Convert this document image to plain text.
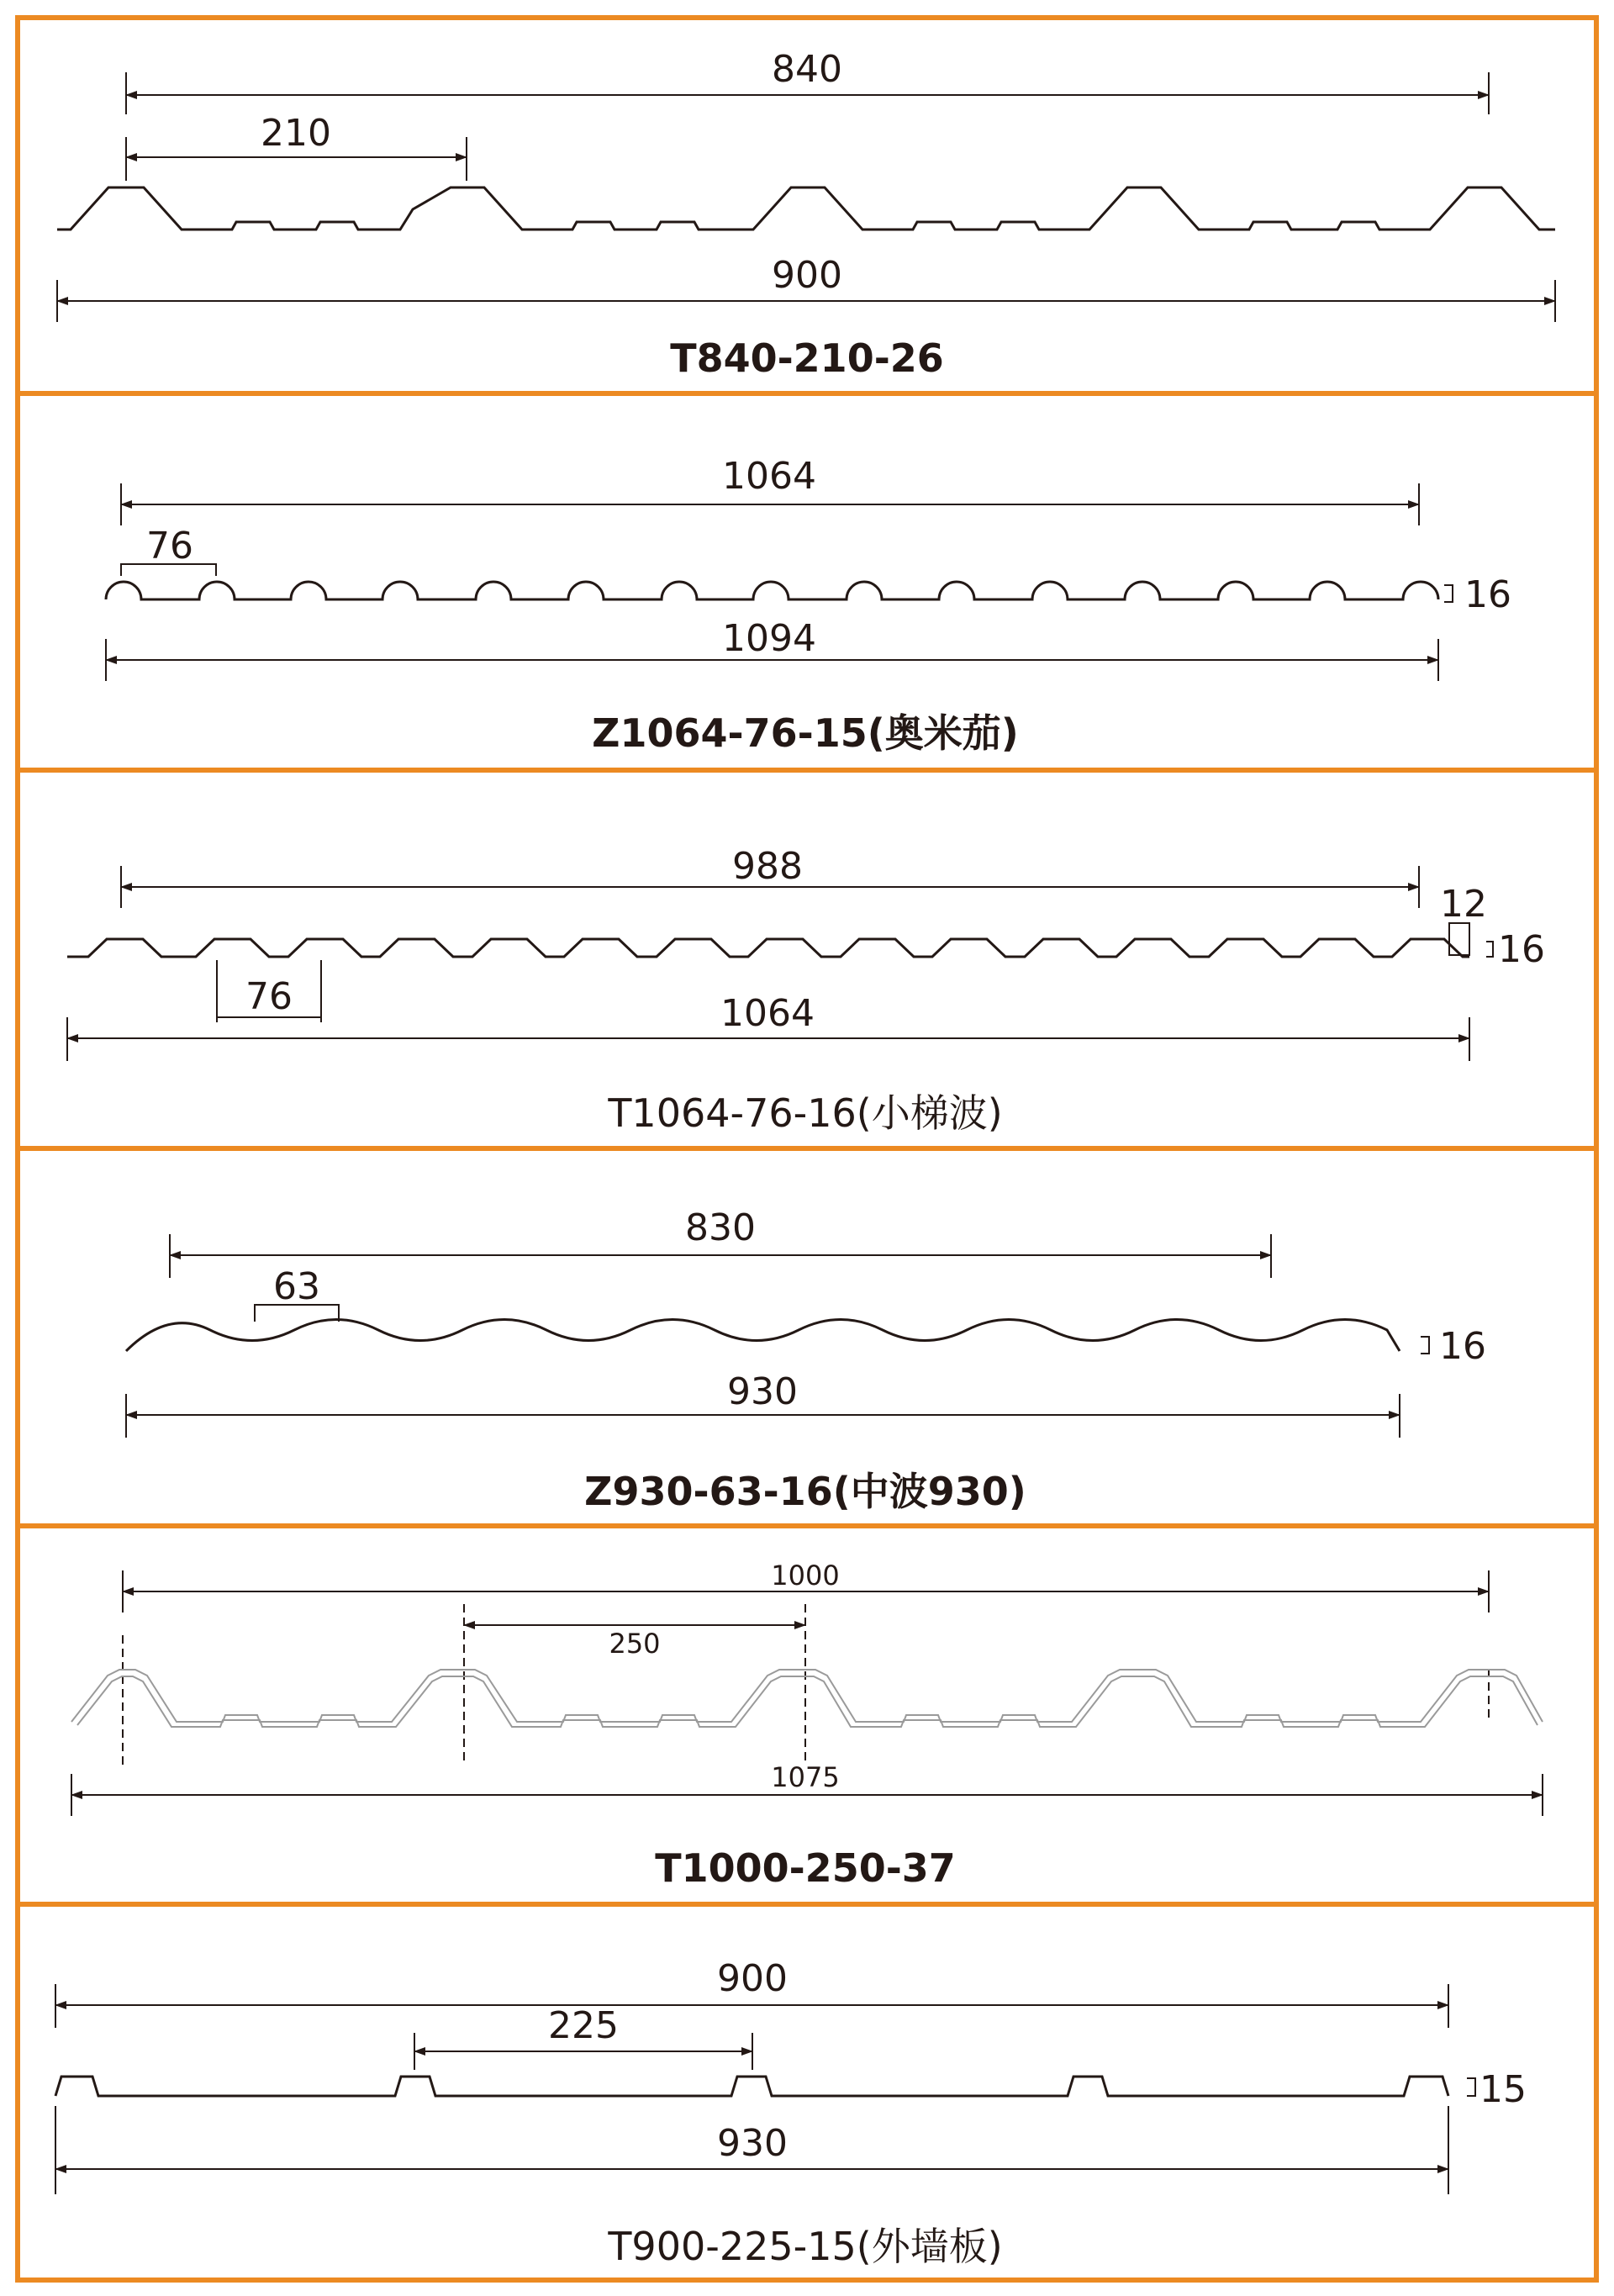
840
210
900
T840-210-26
1064
76
16
1094
Z1064-76-15(奥米茄)
988
12
16
76	1064
T1064-76-16(小梯波)
830
63
16
930
Z930-63-16(中波930)
1000
250
1075
T1000-250-37
900
225
15
930
T900-225-15(外墙板)
